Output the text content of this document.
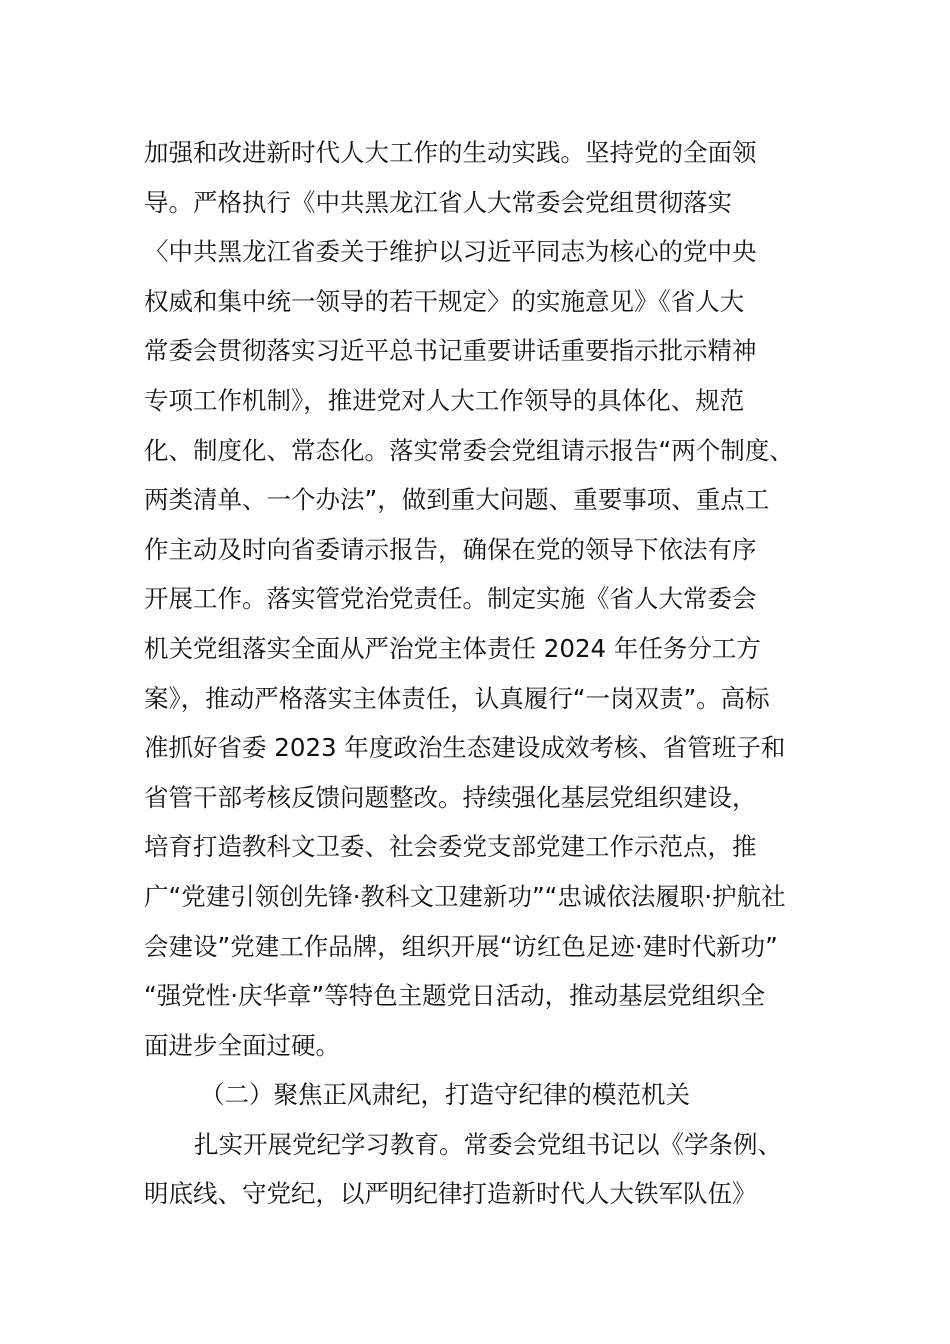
加强和改进新时代人大工作的生动实践。坚持党的全面领
导。严格执行《中共黑龙江省人大常委会党组贯彻落实
〈中共黑龙江省委关于维护以习近平同志为核心的党中央
权威和集中统一领导的若干规定〉的实施意见》《省人大
常委会贯彻落实习近平总书记重要讲话重要指示批示精神
专项工作机制》，推进党对人大工作领导的具体化、规范
化、制度化、常态化。落实常委会党组请示报告“两个制度、
两类清单、一个办法”，做到重大问题、重要事项、重点工
作主动及时向省委请示报告，确保在党的领导下依法有序
开展工作。落实管党治党责任。制定实施《省人大常委会
机关党组落实全面从严治党主体责任 2024 年任务分工方
案》，推动严格落实主体责任，认真履行“一岗双责”。高标
准抓好省委 2023 年度政治生态建设成效考核、省管班子和
省管干部考核反馈问题整改。持续强化基层党组织建设，
培育打造教科文卫委、社会委党支部党建工作示范点，推
广“党建引领创先锋·教科文卫建新功”“忠诚依法履职·护航社
会建设”党建工作品牌，组织开展“访红色足迹·建时代新功”
“强党性·庆华章”等特色主题党日活动，推动基层党组织全
面进步全面过硬。
（二）聚焦正风肃纪，打造守纪律的模范机关
扎实开展党纪学习教育。常委会党组书记以《学条例、
明底线、守党纪，以严明纪律打造新时代人大铁军队伍》
